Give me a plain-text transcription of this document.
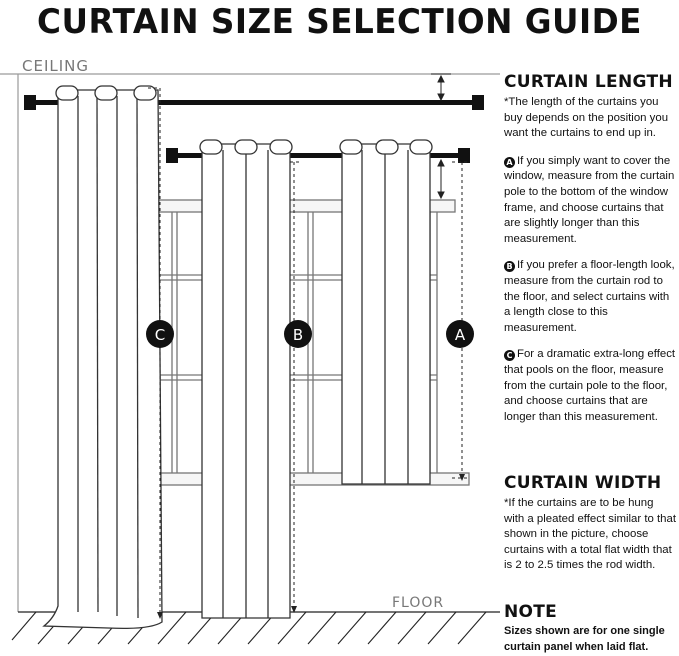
CURTAIN SIZE SELECTION GUIDE
CEILING
FLOOR
C	B	A
CURTAIN LENGTH
*The length of the curtains you buy depends on the position you want the curtains to end up in.
A If you simply want to cover the window, measure from the curtain pole to the bottom of the window frame, and choose curtains that are slightly longer than this measurement.
B If you prefer a floor-length look, measure from the curtain rod to the floor, and select curtains with a length close to this measurement.
C For a dramatic extra-long effect that pools on the floor, measure from the curtain pole to the floor, and choose curtains that are longer than this measurement.
CURTAIN WIDTH
*If the curtains are to be hung with a pleated effect similar to that shown in the picture, choose curtains with a total flat width that is 2 to 2.5 times the rod width.
NOTE
Sizes shown are for one single curtain panel when laid flat.
